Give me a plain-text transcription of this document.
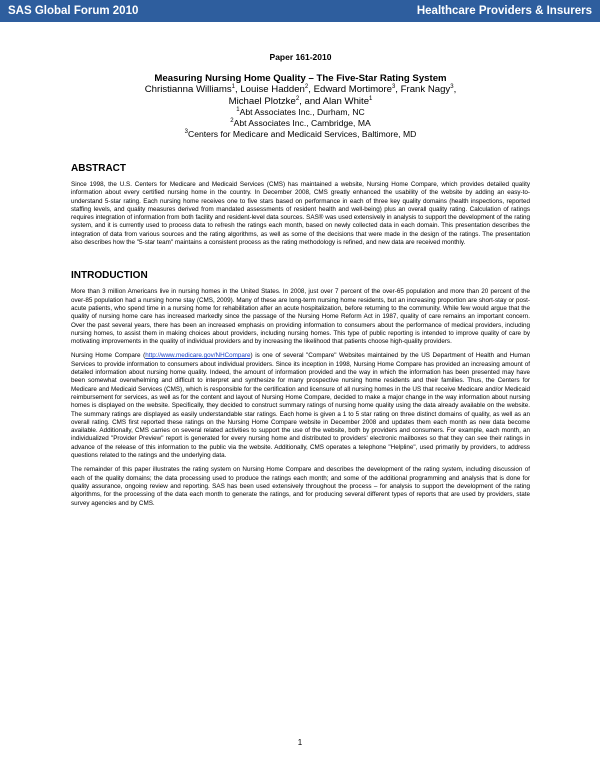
SAS Global Forum 2010	Healthcare Providers & Insurers
Paper 161-2010
Measuring Nursing Home Quality – The Five-Star Rating System
Christianna Williams$^1$, Louise Hadden$^2$, Edward Mortimore$^3$, Frank Nagy$^3$,
Michael Plotzke$^2$, and Alan White$^1$
$^1$Abt Associates Inc., Durham, NC
$^2$Abt Associates Inc., Cambridge, MA
$^3$Centers for Medicare and Medicaid Services, Baltimore, MD
ABSTRACT

Since 1998, the U.S. Centers for Medicare and Medicaid Services (CMS) has maintained a website, Nursing Home Compare, which provides detailed quality information about every certified nursing home in the country. In December 2008, CMS greatly enhanced the usability of the website by adding an easy-to-understand 5-star rating. Each nursing home receives one to five stars based on performance in each of three key quality domains (health inspections, reported staffing levels, and quality measures derived from mandated assessments of resident health and well-being) plus an overall quality rating. Calculation of ratings requires integration of information from both facility and resident-level data sources. SAS® was used extensively in analysis to support the development of the rating system, and it is currently used to process data to refresh the ratings each month, based on newly collected data in each domain. This presentation describes the integration of data from various sources and the rating algorithms, as well as some of the decisions that were made in the design of the ratings. The presentation also describes how the "5-star team" maintains a consistent process as the rating methodology is refined, and new data are received monthly.

INTRODUCTION

More than 3 million Americans live in nursing homes in the United States. In 2008, just over 7 percent of the over-65 population and more than 20 percent of the over-85 population had a nursing home stay (CMS, 2009). Many of these are long-term nursing home residents, but an increasing proportion are short-stay or post-acute patients, who spend time in a nursing home for rehabilitation after an acute hospitalization, before returning to the community. While few would argue that the quality of nursing home care has increased markedly since the passage of the Nursing Home Reform Act in 1987, quality of care remains an important concern. Over the past several years, there has been an increased emphasis on providing information to consumers about the performance of medical providers, including nursing homes, to assist them in making choices about providers, including nursing homes. This type of public reporting is intended to improve quality of care by motivating improvements in the quality of individual providers and by increasing the likelihood that patients choose high-quality providers.

Nursing Home Compare (http://www.medicare.gov/NHCompare) is one of several "Compare" Websites maintained by the US Department of Health and Human Services to provide information to consumers about individual providers. Since its inception in 1998, Nursing Home Compare has provided an increasing amount of detailed information about nursing home quality. Indeed, the amount of information provided and the way in which the information has been presented may have been somewhat overwhelming and difficult to interpret and synthesize for many prospective nursing home residents and their families. Thus, the Centers for Medicare and Medicaid Services (CMS), which is responsible for the certification and licensure of all nursing homes in the US that receive Medicare and/or Medicaid reimbursement for services, as well as for the content and layout of Nursing Home Compare, decided to make a major change in the way information about nursing homes is displayed on the website. Specifically, they decided to construct summary ratings of nursing home quality using the data already available on the website. The summary ratings are displayed as easily understandable star ratings. Each home is given a 1 to 5 star rating on three distinct domains of quality, as well as an overall rating. CMS first reported these ratings on the Nursing Home Compare website in December 2008 and updates them each month as new data become available. Additionally, CMS carries on several related activities to support the use of the website, both by providers and consumers. For example, each month, an individualized "Provider Preview" report is generated for every nursing home and distributed to providers' electronic mailboxes so that they can see their ratings in advance of the release of this information to the public via the website. Additionally, CMS operates a telephone "Helpline", used primarily by providers, to address questions related to the ratings and the underlying data.

The remainder of this paper illustrates the rating system on Nursing Home Compare and describes the development of the rating system, including discussion of each of the quality domains; the data processing used to produce the ratings each month; and some of the additional programming and analysis that is done for quality assurance, ongoing review and reporting. SAS has been used extensively throughout the process – for analysis to support the development of the rating algorithms, for the processing of the data each month to generate the ratings, and for producing several different types of reports that are used by providers, state survey agencies and by CMS.

1
